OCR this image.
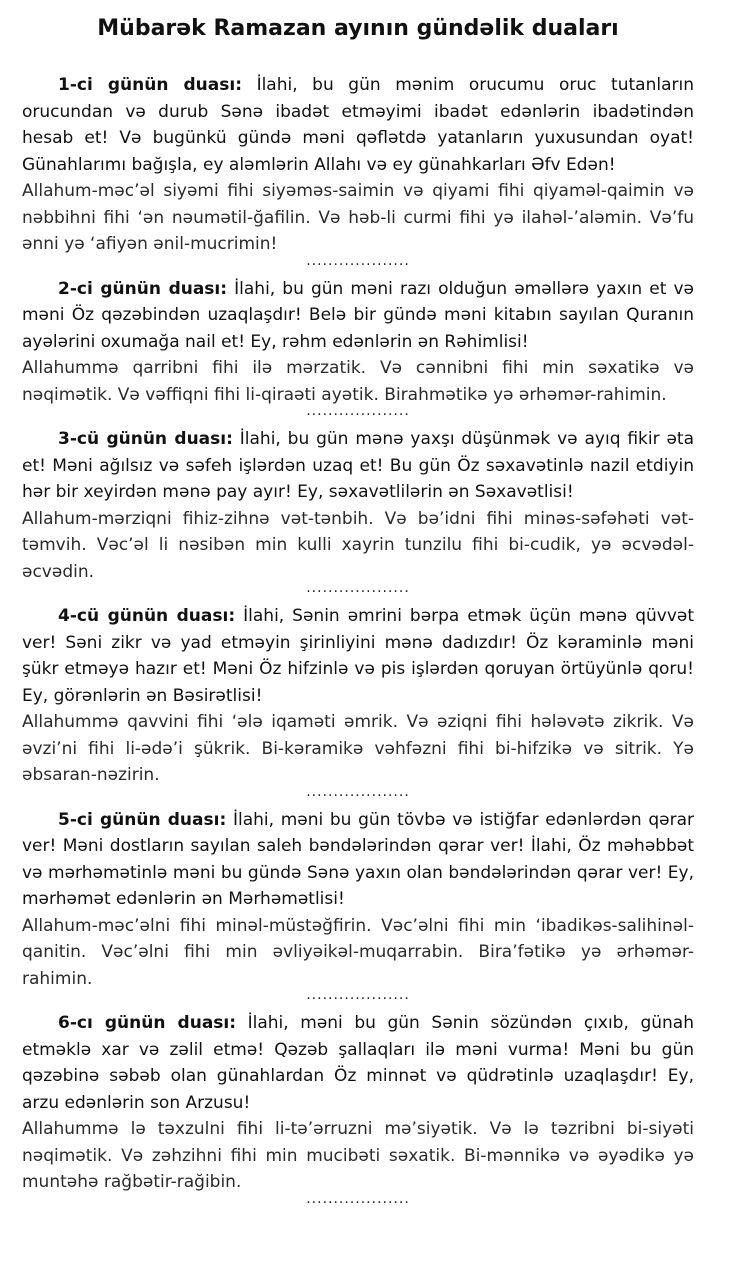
Mübarək Ramazan ayının gündəlik duaları

1-ci günün duası: İlahi, bu gün mənim orucumu oruc tutanların orucundan və durub Sənə ibadət etməyimi ibadət edənlərin ibadətindən hesab et! Və bugünkü gündə məni qəflətdə yatanların yuxusundan oyat! Günahlarımı bağışla, ey aləmlərin Allahı və ey günahkarları Əfv Edən!

Allahum-məc’əl siyəmi fihi siyəməs-saimin və qiyami fihi qiyaməl-qaimin və nəbbihni fihi ‘ən nəumətil-ğafilin. Və həb-li curmi fihi yə ilahəl-’aləmin. Və’fu ənni yə ‘afiyən ənil-mucrimin!

...................

2-ci günün duası: İlahi, bu gün məni razı olduğun əməllərə yaxın et və məni Öz qəzəbindən uzaqlaşdır! Belə bir gündə məni kitabın sayılan Quranın ayələrini oxumağa nail et! Ey, rəhm edənlərin ən Rəhimlisi!

Allahummə qarribni fihi ilə mərzatik. Və cənnibni fihi min səxatikə və nəqimətik. Və vəffiqni fihi li-qiraəti ayətik. Birahmətikə yə ərhəmər-rahimin.

...................

3-cü günün duası: İlahi, bu gün mənə yaxşı düşünmək və ayıq fikir əta et! Məni ağılsız və səfeh işlərdən uzaq et! Bu gün Öz səxavətinlə nazil etdiyin hər bir xeyirdən mənə pay ayır! Ey, səxavətlilərin ən Səxavətlisi!

Allahum-mərziqni fihiz-zihnə vət-tənbih. Və bə’idni fihi minəs-səfəhəti vət-təmvih. Vəc’əl li nəsibən min kulli xayrin tunzilu fihi bi-cudik, yə əcvədəl-əcvədin.

...................

4-cü günün duası: İlahi, Sənin əmrini bərpa etmək üçün mənə qüvvət ver! Səni zikr və yad etməyin şirinliyini mənə dadızdır! Öz kəraminlə məni şükr etməyə hazır et! Məni Öz hifzinlə və pis işlərdən qoruyan örtüyünlə qoru! Ey, görənlərin ən Bəsirətlisi!

Allahummə qavvini fihi ‘ələ iqaməti əmrik. Və əziqni fihi hələvətə zikrik. Və əvzi’ni fihi li-ədə’i şükrik. Bi-kəramikə vəhfəzni fihi bi-hifzikə və sitrik. Yə əbsaran-nəzirin.

...................

5-ci günün duası: İlahi, məni bu gün tövbə və istiğfar edənlərdən qərar ver! Məni dostların sayılan saleh bəndələrindən qərar ver! İlahi, Öz məhəbbət və mərhəmətinlə məni bu gündə Sənə yaxın olan bəndələrindən qərar ver! Ey, mərhəmət edənlərin ən Mərhəmətlisi!

Allahum-məc’əlni fihi minəl-müstəğfirin. Vəc’əlni fihi min ‘ibadikəs-salihinəl-qanitin. Vəc’əlni fihi min əvliyəikəl-muqarrabin. Bira’fətikə yə ərhəmər-rahimin.

...................

6-cı günün duası: İlahi, məni bu gün Sənin sözündən çıxıb, günah etməklə xar və zəlil etmə! Qəzəb şallaqları ilə məni vurma! Məni bu gün qəzəbinə səbəb olan günahlardan Öz minnət və qüdrətinlə uzaqlaşdır! Ey, arzu edənlərin son Arzusu!

Allahummə lə təxzulni fihi li-tə’ərruzni mə’siyətik. Və lə təzribni bi-siyəti nəqimətik. Və zəhzihni fihi min mucibəti səxatik. Bi-mənnikə və əyədikə yə muntəhə rağbətir-rağibin.

...................
